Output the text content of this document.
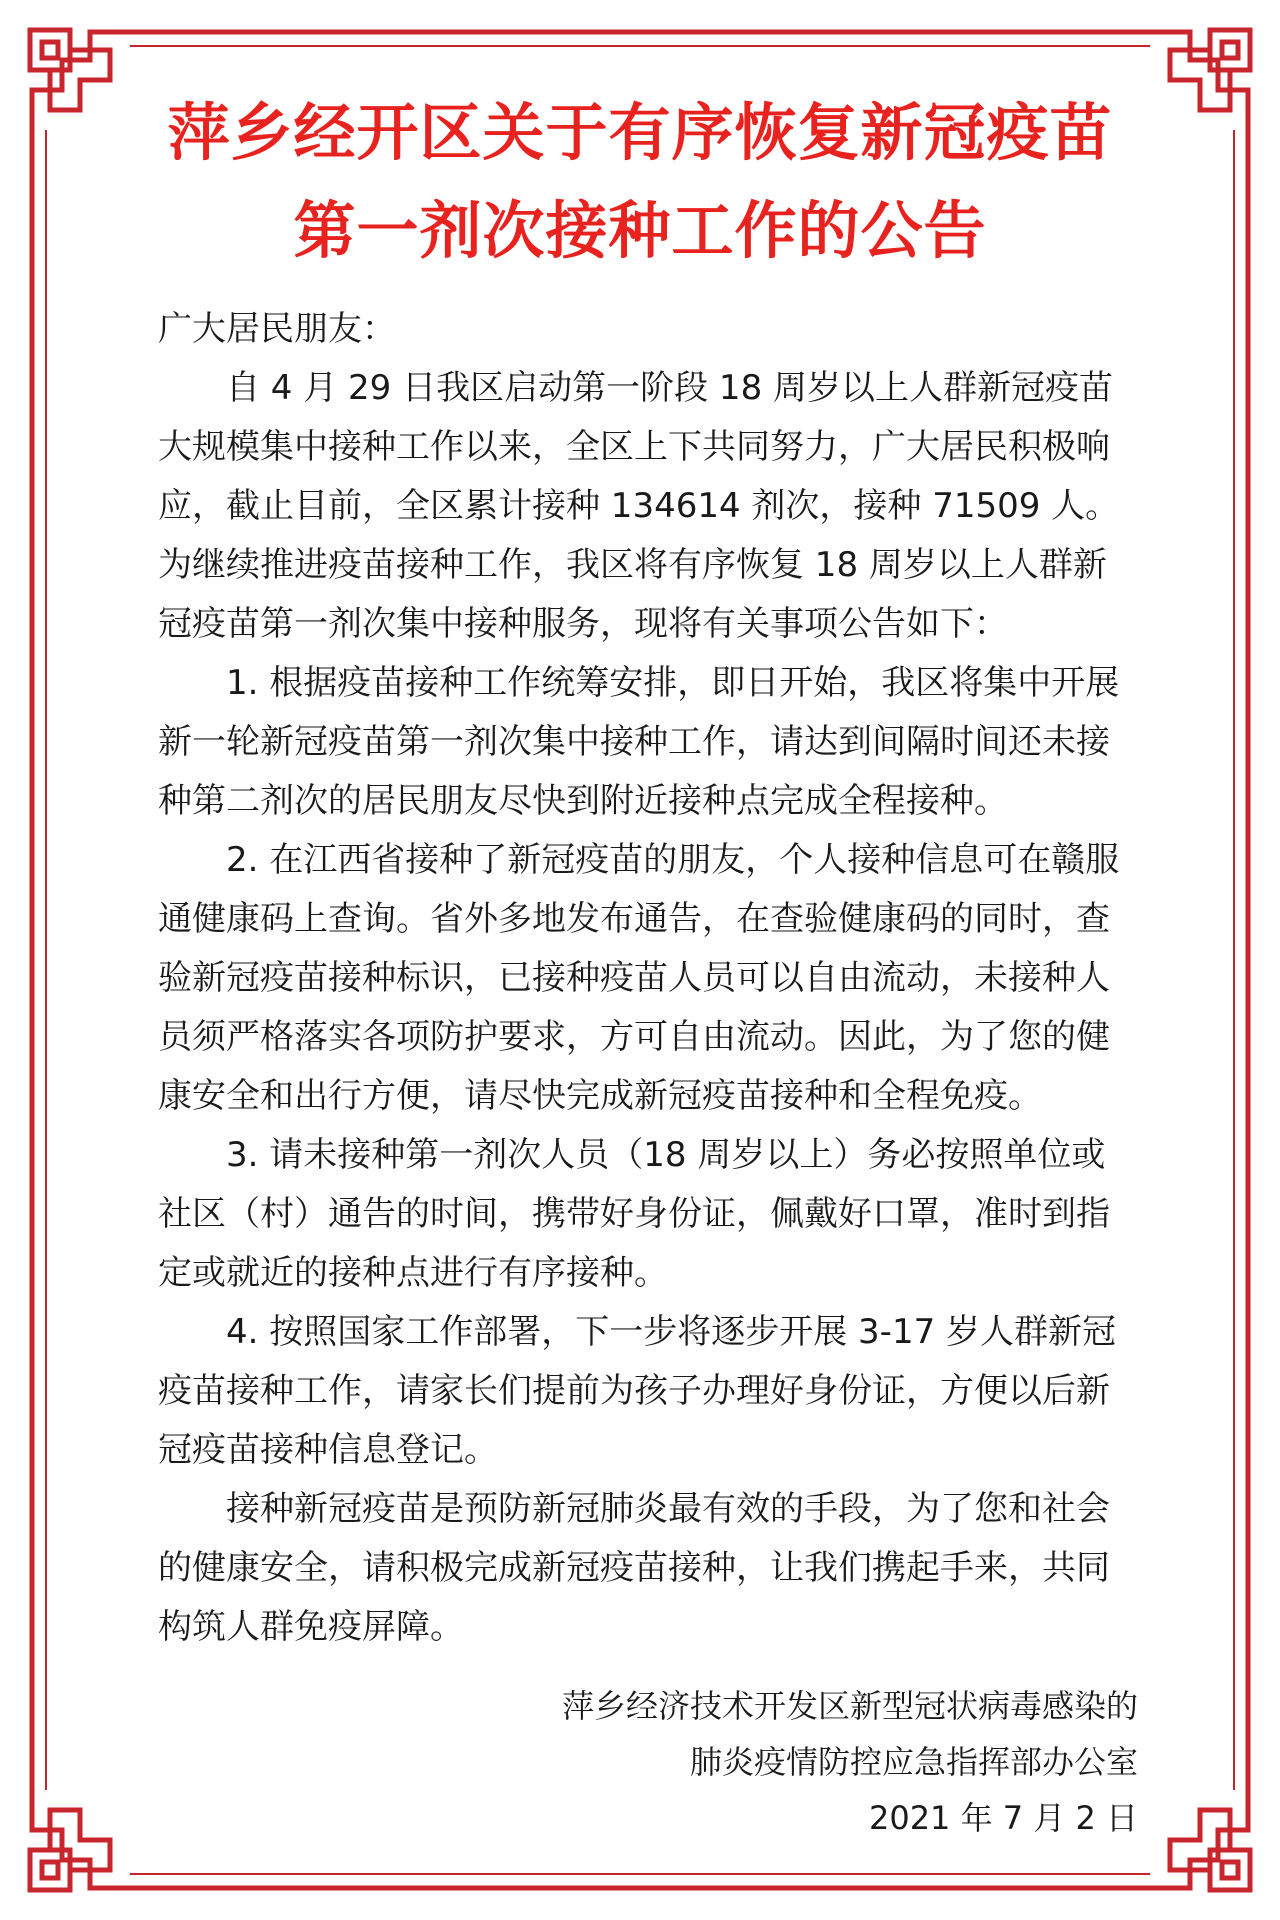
萍乡经开区关于有序恢复新冠疫苗
第一剂次接种工作的公告
广大居民朋友：

自 4 月 29 日我区启动第一阶段 18 周岁以上人群新冠疫苗大规模集中接种工作以来，全区上下共同努力，广大居民积极响应，截止目前，全区累计接种 134614 剂次，接种 71509 人。为继续推进疫苗接种工作，我区将有序恢复 18 周岁以上人群新冠疫苗第一剂次集中接种服务，现将有关事项公告如下：

1. 根据疫苗接种工作统筹安排，即日开始，我区将集中开展新一轮新冠疫苗第一剂次集中接种工作，请达到间隔时间还未接种第二剂次的居民朋友尽快到附近接种点完成全程接种。

2. 在江西省接种了新冠疫苗的朋友，个人接种信息可在赣服通健康码上查询。省外多地发布通告，在查验健康码的同时，查验新冠疫苗接种标识，已接种疫苗人员可以自由流动，未接种人员须严格落实各项防护要求，方可自由流动。因此，为了您的健康安全和出行方便，请尽快完成新冠疫苗接种和全程免疫。

3. 请未接种第一剂次人员（18 周岁以上）务必按照单位或社区（村）通告的时间，携带好身份证，佩戴好口罩，准时到指定或就近的接种点进行有序接种。

4. 按照国家工作部署，下一步将逐步开展 3-17 岁人群新冠疫苗接种工作，请家长们提前为孩子办理好身份证，方便以后新冠疫苗接种信息登记。

接种新冠疫苗是预防新冠肺炎最有效的手段，为了您和社会的健康安全，请积极完成新冠疫苗接种，让我们携起手来，共同构筑人群免疫屏障。

萍乡经济技术开发区新型冠状病毒感染的
肺炎疫情防控应急指挥部办公室
2021 年 7 月 2 日
